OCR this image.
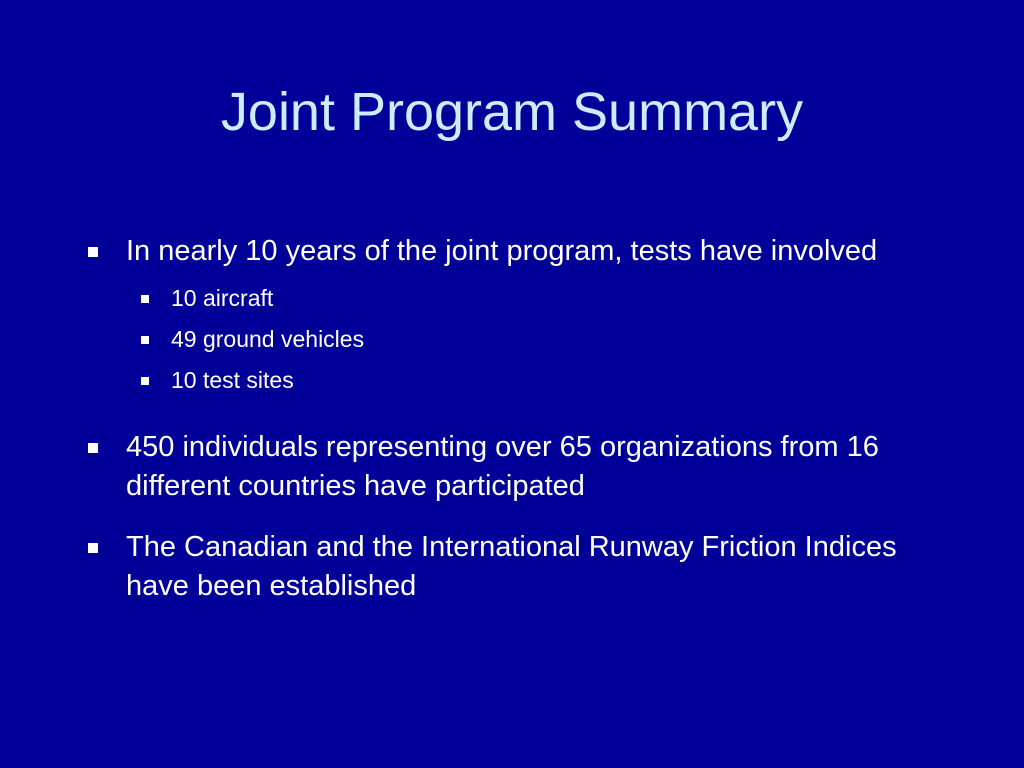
Joint Program Summary
In nearly 10 years of the joint program, tests have involved
10 aircraft
49 ground vehicles
10 test sites
450 individuals representing over 65 organizations from 16 different countries have participated
The Canadian and the International Runway Friction Indices have been established
